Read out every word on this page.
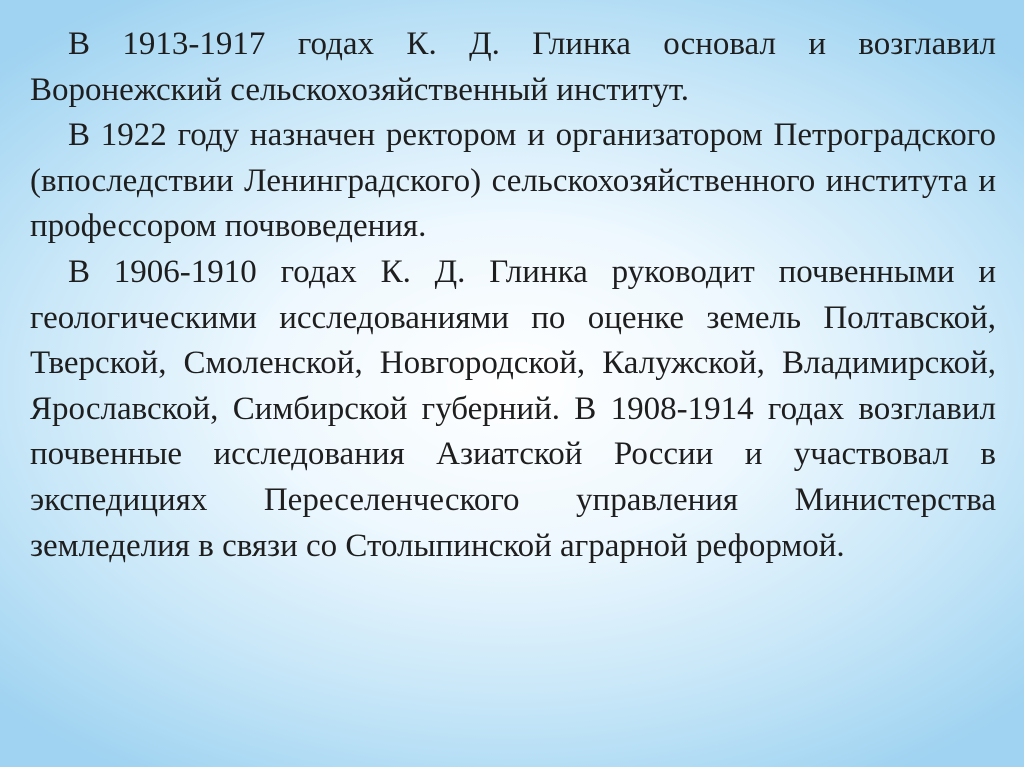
В 1913-1917 годах К. Д. Глинка основал и возглавил Воронежский сельскохозяйственный институт.

В 1922 году назначен ректором и организатором Петроградского (впоследствии Ленинградского) сельскохозяйственного института и профессором почвоведения.

В 1906-1910 годах К. Д. Глинка руководит почвенными и геологическими исследованиями по оценке земель Полтавской, Тверской, Смоленской, Новгородской, Калужской, Владимирской, Ярославской, Симбирской губерний. В 1908-1914 годах возглавил почвенные исследования Азиатской России и участвовал в экспедициях Переселенческого управления Министерства земледелия в связи со Столыпинской аграрной реформой.
